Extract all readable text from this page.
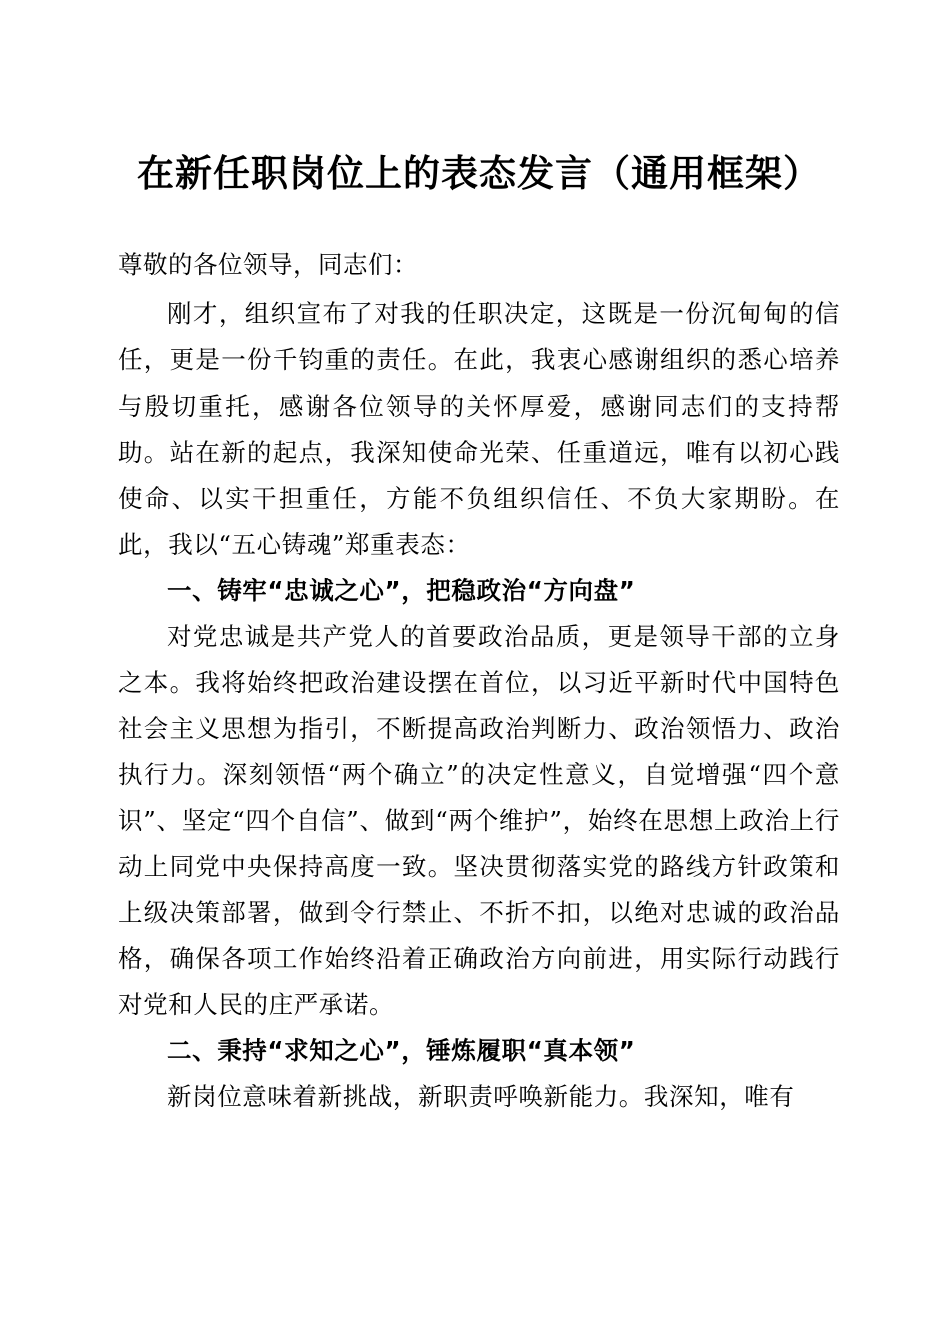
在新任职岗位上的表态发言（通用框架）

尊敬的各位领导，同志们：

刚才，组织宣布了对我的任职决定，这既是一份沉甸甸的信任，更是一份千钧重的责任。在此，我衷心感谢组织的悉心培养与殷切重托，感谢各位领导的关怀厚爱，感谢同志们的支持帮助。站在新的起点，我深知使命光荣、任重道远，唯有以初心践使命、以实干担重任，方能不负组织信任、不负大家期盼。在此，我以“五心铸魂”郑重表态：

一、铸牢“忠诚之心”，把稳政治“方向盘”

对党忠诚是共产党人的首要政治品质，更是领导干部的立身之本。我将始终把政治建设摆在首位，以习近平新时代中国特色社会主义思想为指引，不断提高政治判断力、政治领悟力、政治执行力。深刻领悟“两个确立”的决定性意义，自觉增强“四个意识”、坚定“四个自信”、做到“两个维护”，始终在思想上政治上行动上同党中央保持高度一致。坚决贯彻落实党的路线方针政策和上级决策部署，做到令行禁止、不折不扣，以绝对忠诚的政治品格，确保各项工作始终沿着正确政治方向前进，用实际行动践行对党和人民的庄严承诺。

二、秉持“求知之心”，锤炼履职“真本领”

新岗位意味着新挑战，新职责呼唤新能力。我深知，唯有
